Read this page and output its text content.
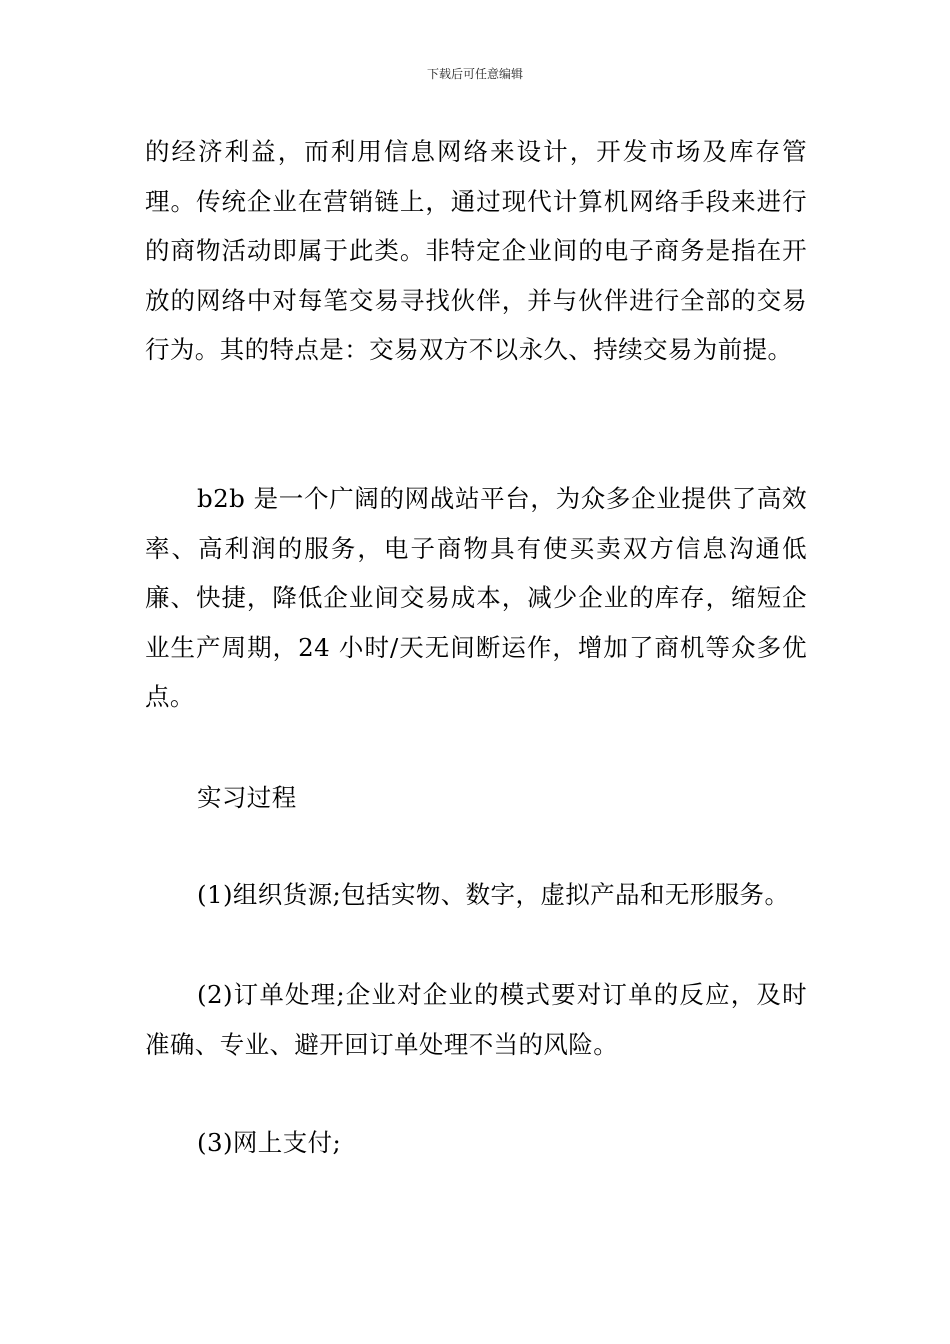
下载后可任意编辑

的经济利益，而利用信息网络来设计，开发市场及库存管理。传统企业在营销链上，通过现代计算机网络手段来进行的商物活动即属于此类。非特定企业间的电子商务是指在开放的网络中对每笔交易寻找伙伴，并与伙伴进行全部的交易行为。其的特点是：交易双方不以永久、持续交易为前提。

b2b 是一个广阔的网战站平台，为众多企业提供了高效率、高利润的服务，电子商物具有使买卖双方信息沟通低廉、快捷，降低企业间交易成本，减少企业的库存，缩短企业生产周期，24 小时/天无间断运作，增加了商机等众多优点。

实习过程

(1)组织货源;包括实物、数字，虚拟产品和无形服务。

(2)订单处理;企业对企业的模式要对订单的反应，及时准确、专业、避开回订单处理不当的风险。

(3)网上支付;
